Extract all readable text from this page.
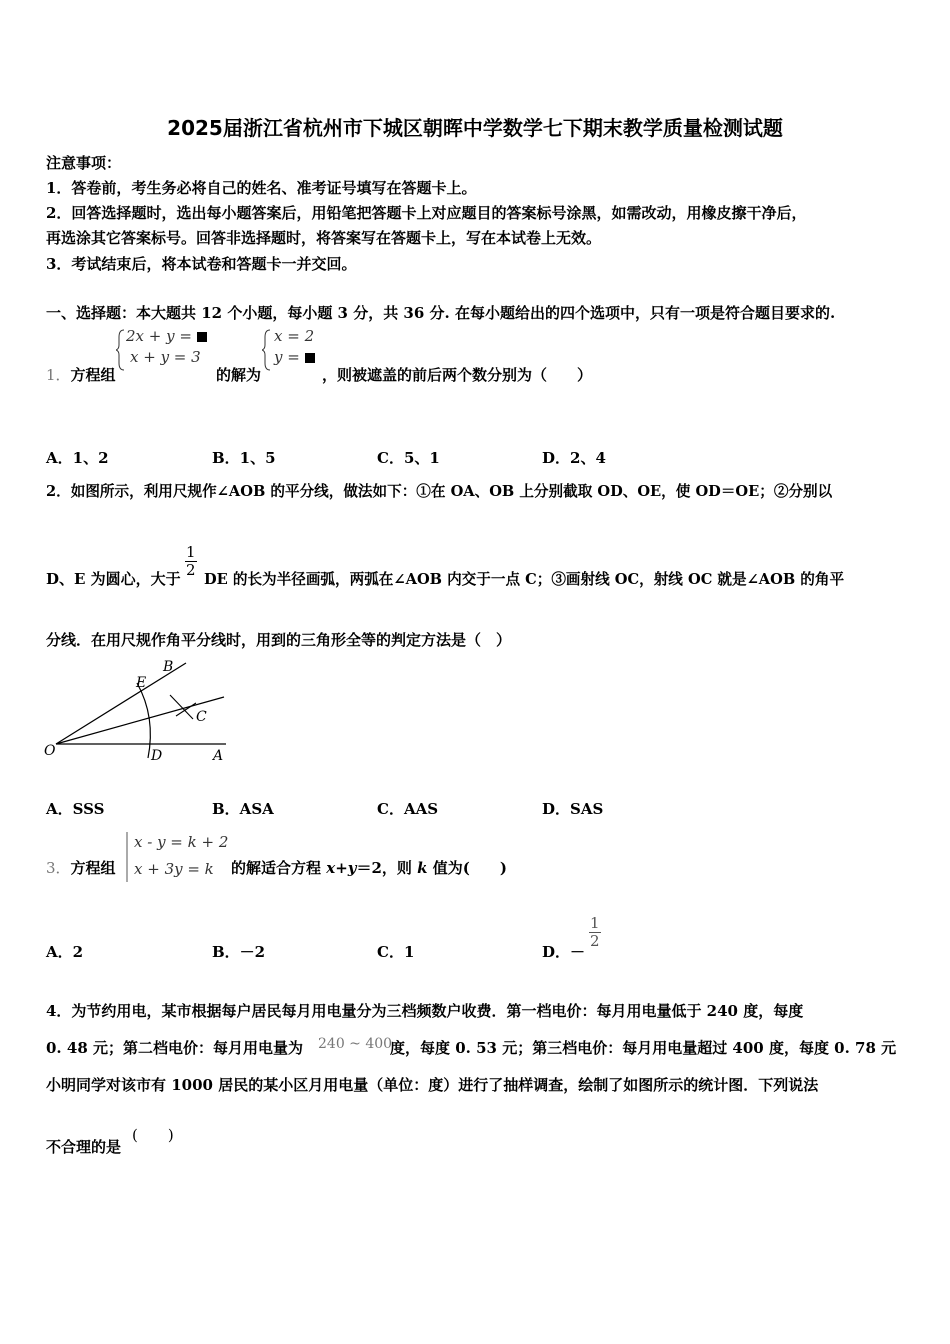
2025届浙江省杭州市下城区朝晖中学数学七下期末教学质量检测试题
注意事项：
1．答卷前，考生务必将自己的姓名、准考证号填写在答题卡上。
2．回答选择题时，选出每小题答案后，用铅笔把答题卡上对应题目的答案标号涂黑，如需改动，用橡皮擦干净后，
再选涂其它答案标号。回答非选择题时，将答案写在答题卡上，写在本试卷上无效。
3．考试结束后，将本试卷和答题卡一并交回。
一、选择题：本大题共 12 个小题，每小题 3 分，共 36 分. 在每小题给出的四个选项中，只有一项是符合题目要求的.
1．方程组
2x + y =
x + y = 3
的解为
x = 2
y =
，则被遮盖的前后两个数分别为（　　）
A．1、2	B．1、5	C．5、1	D．2、4
2．如图所示，利用尺规作∠AOB 的平分线，做法如下：①在 OA、OB 上分别截取 OD、OE，使 OD＝OE；②分别以
D、E 为圆心，大于 $\frac{1}{2}$
DE 的长为半径画弧，两弧在∠AOB 内交于一点 C；③画射线 OC，射线 OC 就是∠AOB 的角平
分线．在用尺规作角平分线时，用到的三角形全等的判定方法是（　）
B
E
C
O	D	A
A．SSS	B．ASA	C．AAS	D．SAS
3．方程组
x - y = k + 2
x + 3y = k 的解适合方程 x+y＝2，则 k 值为(　　)
A．2	B．－2	C．1	D．－
$\frac{1}{2}$
4．为节约用电，某市根据每户居民每月用电量分为三档频数户收费．第一档电价：每月用电量低于 240 度，每度
0. 48 元；第二档电价：每月用电量为 240 ~ 400
度，每度 0. 53 元；第三档电价：每月用电量超过 400 度，每度 0. 78 元
小明同学对该市有 1000 居民的某小区月用电量（单位：度）进行了抽样调查，绘制了如图所示的统计图．下列说法
不合理的是
(　　)
